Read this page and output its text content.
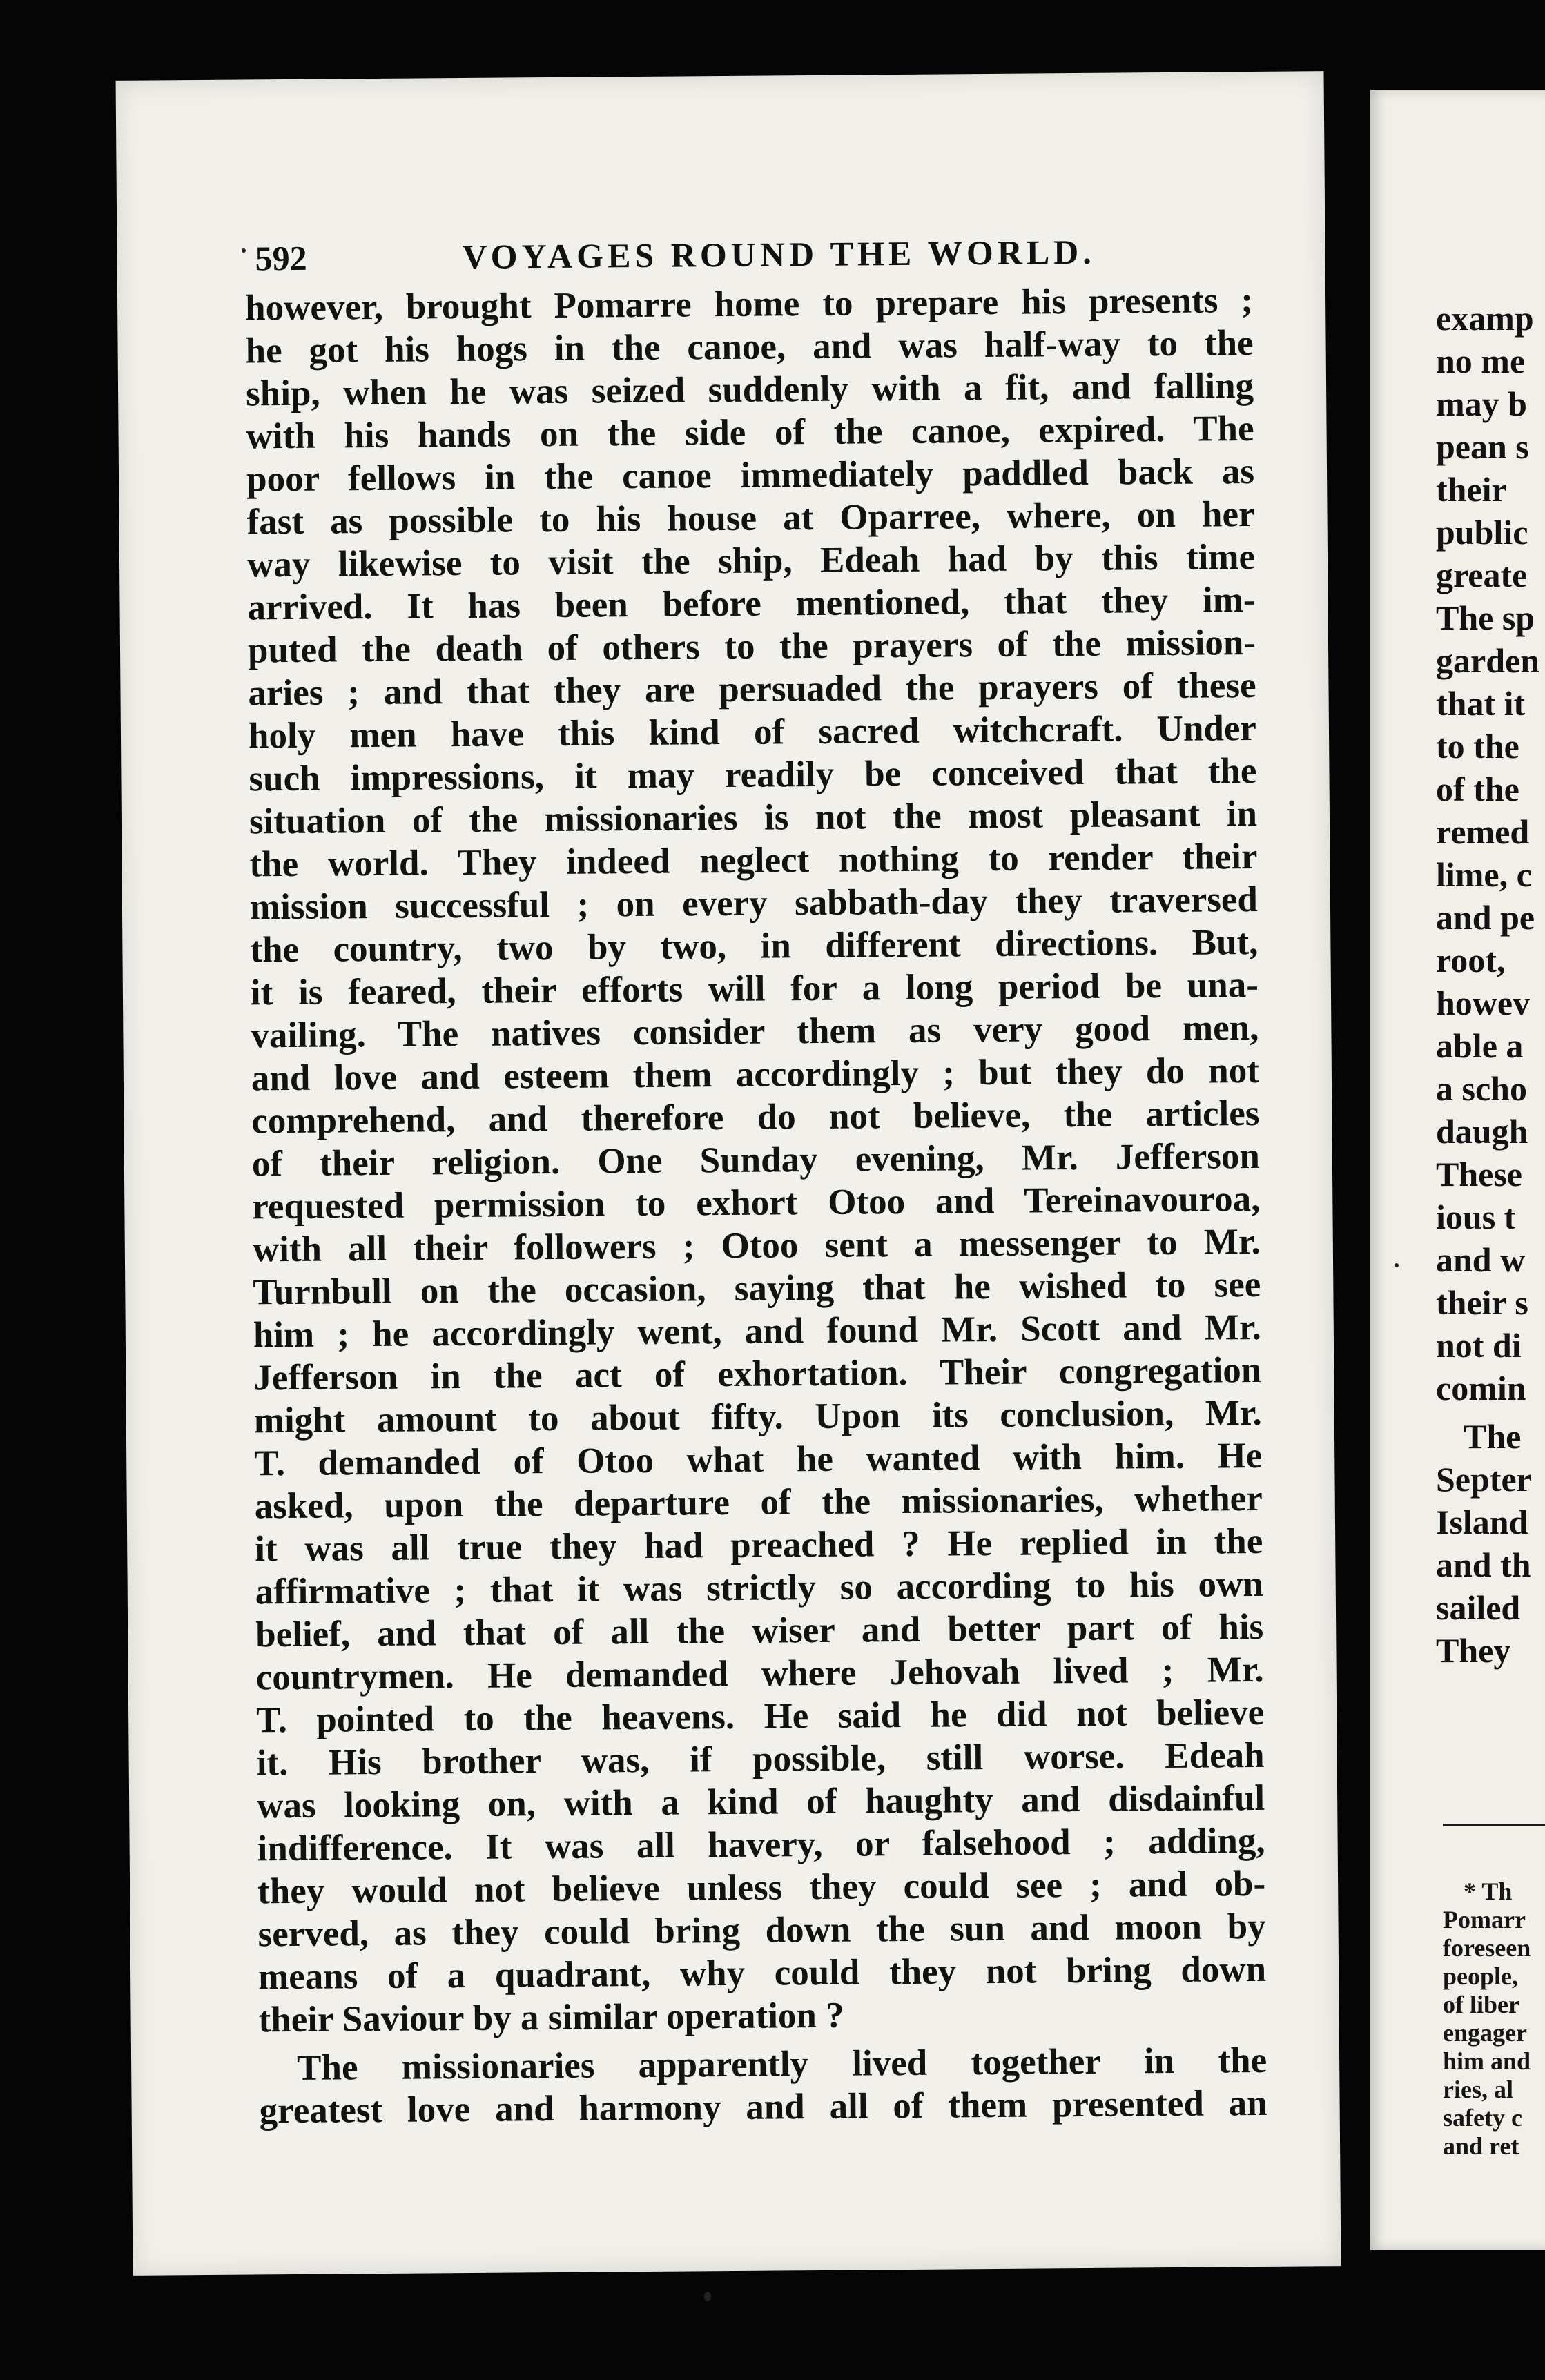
592	VOYAGES ROUND THE WORLD.
however, brought Pomarre home to prepare his presents ;
he got his hogs in the canoe, and was half-way to the
ship, when he was seized suddenly with a fit, and falling
with his hands on the side of the canoe, expired. The
poor fellows in the canoe immediately paddled back as
fast as possible to his house at Oparree, where, on her
way likewise to visit the ship, Edeah had by this time
arrived. It has been before mentioned, that they im-
puted the death of others to the prayers of the mission-
aries ; and that they are persuaded the prayers of these
holy men have this kind of sacred witchcraft. Under
such impressions, it may readily be conceived that the
situation of the missionaries is not the most pleasant in
the world. They indeed neglect nothing to render their
mission successful ; on every sabbath-day they traversed
the country, two by two, in different directions. But,
it is feared, their efforts will for a long period be una-
vailing. The natives consider them as very good men,
and love and esteem them accordingly ; but they do not
comprehend, and therefore do not believe, the articles
of their religion. One Sunday evening, Mr. Jefferson
requested permission to exhort Otoo and Tereinavouroa,
with all their followers ; Otoo sent a messenger to Mr.
Turnbull on the occasion, saying that he wished to see
him ; he accordingly went, and found Mr. Scott and Mr.
Jefferson in the act of exhortation. Their congregation
might amount to about fifty. Upon its conclusion, Mr.
T. demanded of Otoo what he wanted with him. He
asked, upon the departure of the missionaries, whether
it was all true they had preached ? He replied in the
affirmative ; that it was strictly so according to his own
belief, and that of all the wiser and better part of his
countrymen. He demanded where Jehovah lived ; Mr.
T. pointed to the heavens. He said he did not believe
it. His brother was, if possible, still worse. Edeah
was looking on, with a kind of haughty and disdainful
indifference. It was all havery, or falsehood ; adding,
they would not believe unless they could see ; and ob-
served, as they could bring down the sun and moon by
means of a quadrant, why could they not bring down
their Saviour by a similar operation ?
The missionaries apparently lived together in the
greatest love and harmony and all of them presented an
examp
no me
may b
pean s
their
public
greate
The sp
garden
that it
to the
of the
remed
lime, c
and pe
root,
howev
able a
a scho
daugh
These
ious t
and w
their s
not di
comin
The
Septer
Island
and th
sailed
They
* Th
Pomarr
foreseen
people,
of liber
engager
him and
ries, al
safety c
and ret
